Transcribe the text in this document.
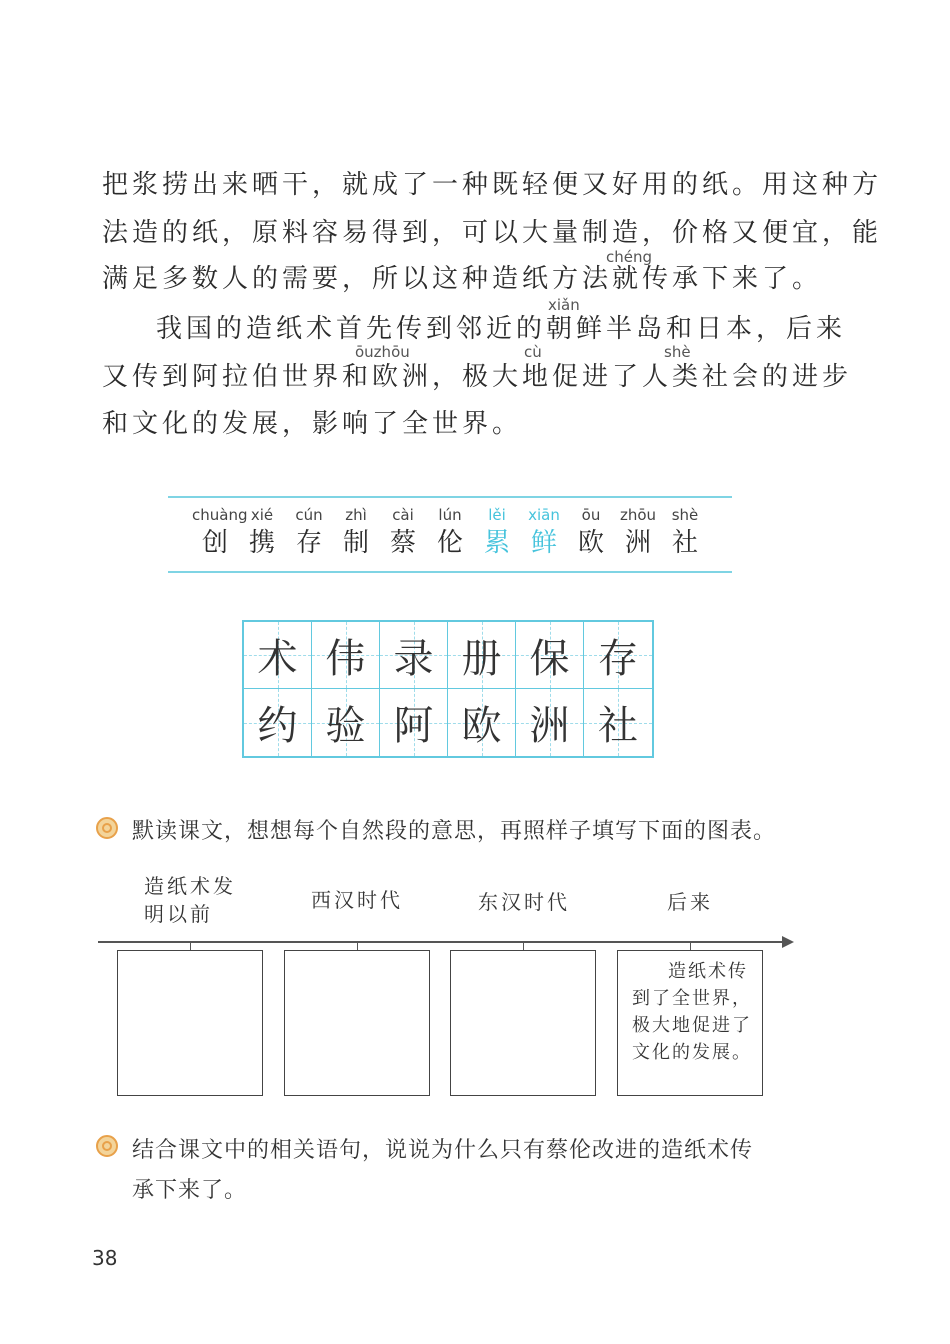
把浆捞出来晒干，就成了一种既轻便又好用的纸。用这种方
法造的纸，原料容易得到，可以大量制造，价格又便宜，能
chéng
满足多数人的需要，所以这种造纸方法就传承下来了。
xiǎn
我国的造纸术首先传到邻近的朝鲜半岛和日本，后来
ōuzhōu	cù	shè
又传到阿拉伯世界和欧洲，极大地促进了人类社会的进步
和文化的发展，影响了全世界。
chuàng
创
xié
携
cún
存
zhì
制
cài
蔡
lún
伦
lěi
累
xiān
鲜
ōu
欧
zhōu
洲
shè
社
术 伟 录 册 保 存
约 验 阿 欧 洲 社
默读课文，想想每个自然段的意思，再照样子填写下面的图表。
造纸术发
明以前
西汉时代	东汉时代	后来
造纸术传到了全世界，极大地促进了文化的发展。
结合课文中的相关语句，说说为什么只有蔡伦改进的造纸术传
承下来了。
38
